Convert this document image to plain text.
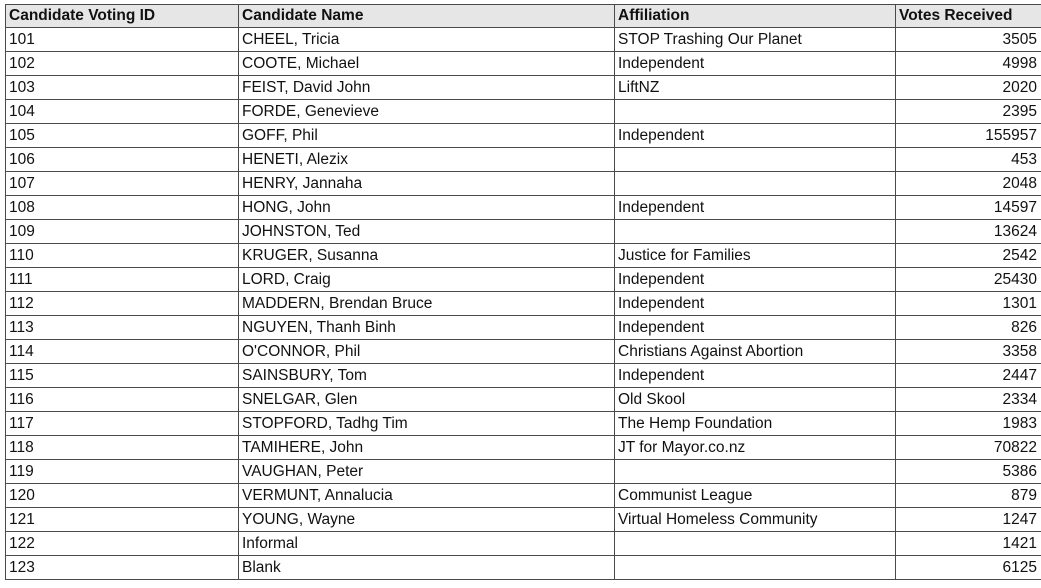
Candidate Voting ID	Candidate Name	Affiliation	Votes Received
101	CHEEL, Tricia	STOP Trashing Our Planet	3505
102	COOTE, Michael	Independent	4998
103	FEIST, David John	LiftNZ	2020
104	FORDE, Genevieve		2395
105	GOFF, Phil	Independent	155957
106	HENETI, Alezix		453
107	HENRY, Jannahа		2048
108	HONG, John	Independent	14597
109	JOHNSTON, Ted		13624
110	KRUGER, Susanna	Justice for Families	2542
111	LORD, Craig	Independent	25430
112	MADDERN, Brendan Bruce	Independent	1301
113	NGUYEN, Thanh Binh	Independent	826
114	O'CONNOR, Phil	Christians Against Abortion	3358
115	SAINSBURY, Tom	Independent	2447
116	SNELGAR, Glen	Old Skool	2334
117	STOPFORD, Tadhg Tim	The Hemp Foundation	1983
118	TAMIHERE, John	JT for Mayor.co.nz	70822
119	VAUGHAN, Peter		5386
120	VERMUNT, Annalucia	Communist League	879
121	YOUNG, Wayne	Virtual Homeless Community	1247
122	Informal		1421
123	Blank		6125
